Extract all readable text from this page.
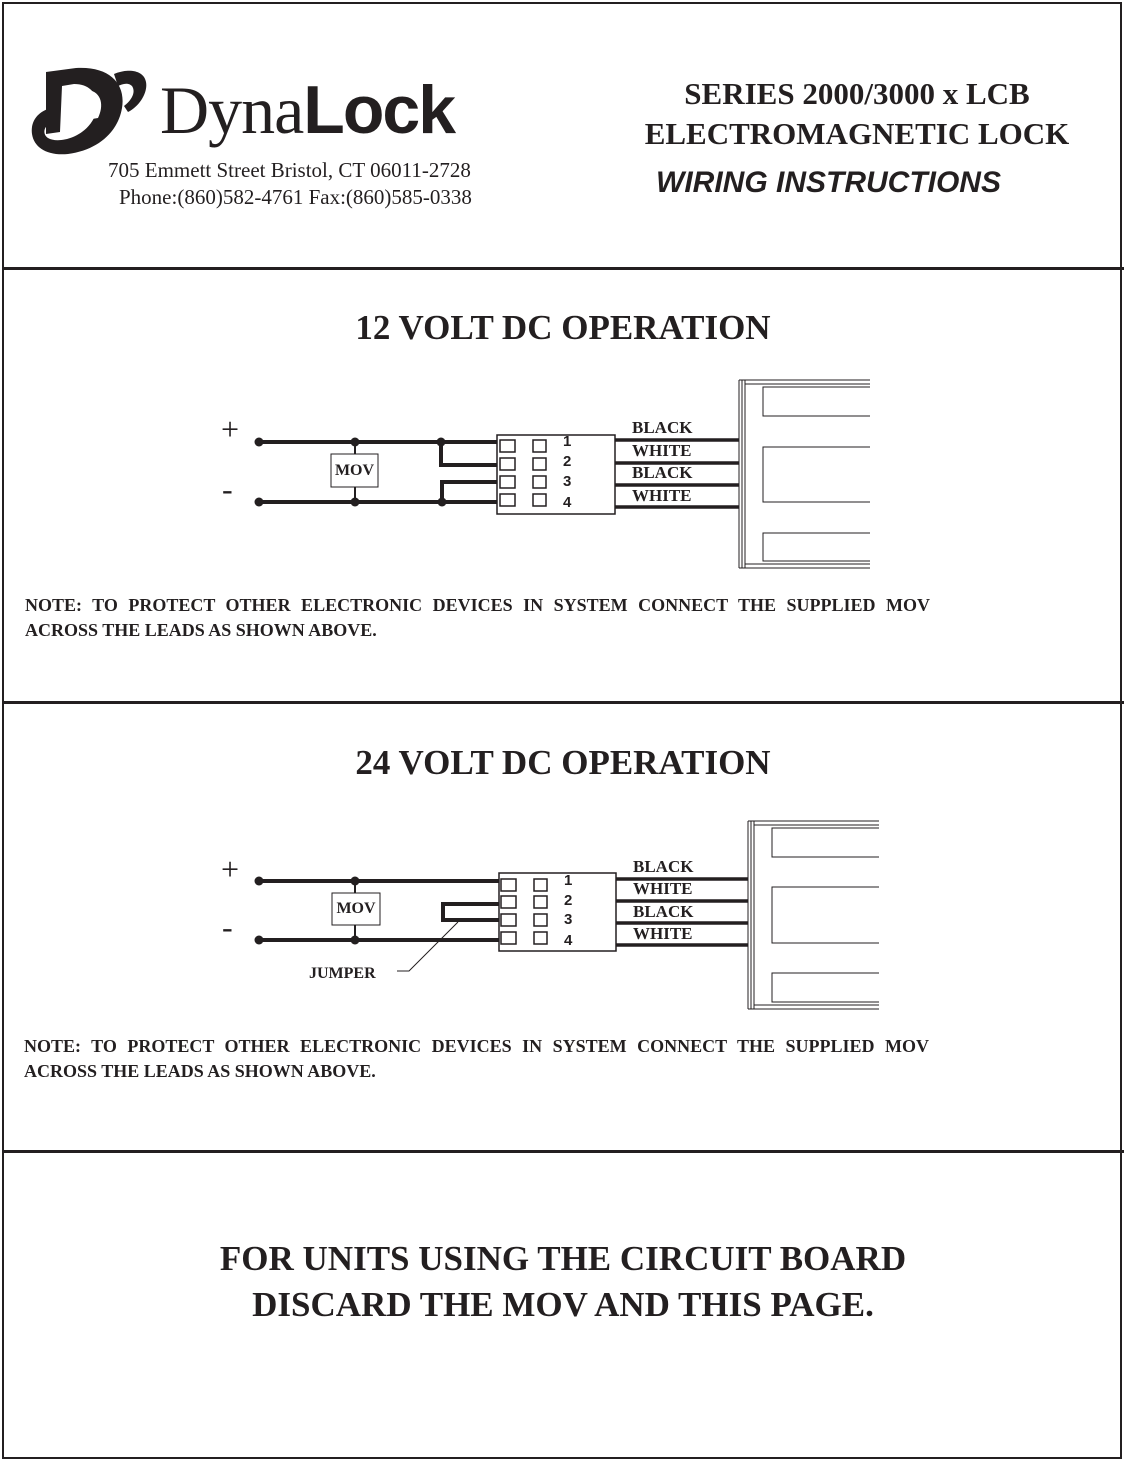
DynaLock
705 Emmett Street Bristol, CT 06011-2728
Phone:(860)582-4761 Fax:(860)585-0338
SERIES 2000/3000 x LCB
ELECTROMAGNETIC LOCK
WIRING INSTRUCTIONS
12 VOLT DC OPERATION
+
-
MOV
1
2
3
4
BLACK
WHITE
BLACK
WHITE
NOTE: TO PROTECT OTHER ELECTRONIC DEVICES IN SYSTEM CONNECT THE SUPPLIED MOV
ACROSS THE LEADS AS SHOWN ABOVE.
24 VOLT DC OPERATION
+
-
MOV
JUMPER
1
2
3
4
BLACK
WHITE
BLACK
WHITE
NOTE: TO PROTECT OTHER ELECTRONIC DEVICES IN SYSTEM CONNECT THE SUPPLIED MOV
ACROSS THE LEADS AS SHOWN ABOVE.
FOR UNITS USING THE CIRCUIT BOARD
DISCARD THE MOV AND THIS PAGE.
